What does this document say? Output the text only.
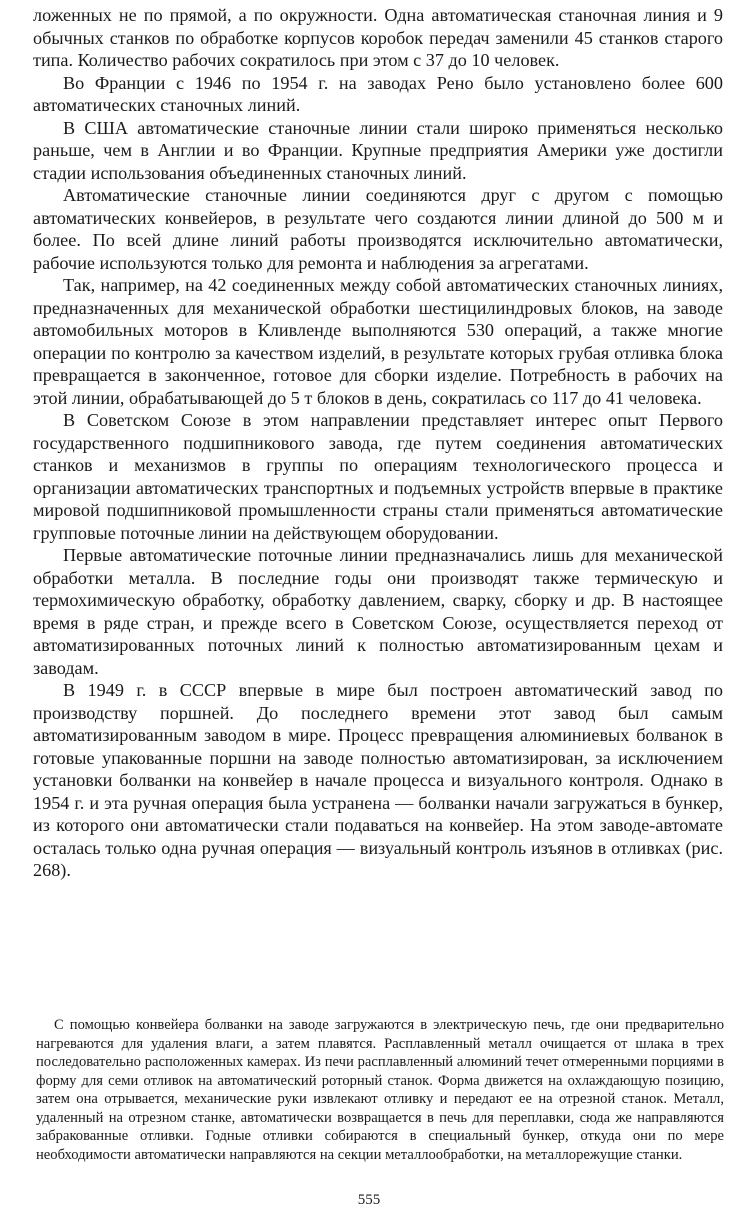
ложенных не по прямой, а по окружности. Одна автоматическая станочная линия и 9 обычных станков по обработке корпусов коробок передач заменили 45 станков старого типа. Количество рабочих сократилось при этом с 37 до 10 человек.

Во Франции с 1946 по 1954 г. на заводах Рено было установлено более 600 автоматических станочных линий.

В США автоматические станочные линии стали широко применяться несколько раньше, чем в Англии и во Франции. Крупные предприятия Америки уже достигли стадии использования объединенных станочных линий.

Автоматические станочные линии соединяются друг с другом с помощью автоматических конвейеров, в результате чего создаются линии длиной до 500 м и более. По всей длине линий работы производятся исключительно автоматически, рабочие используются только для ремонта и наблюдения за агрегатами.

Так, например, на 42 соединенных между собой автоматических станочных линиях, предназначенных для механической обработки шестицилиндровых блоков, на заводе автомобильных моторов в Кливленде выполняются 530 операций, а также многие операции по контролю за качеством изделий, в результате которых грубая отливка блока превращается в законченное, готовое для сборки изделие. Потребность в рабочих на этой линии, обрабатывающей до 5 т блоков в день, сократилась со 117 до 41 человека.

В Советском Союзе в этом направлении представляет интерес опыт Первого государственного подшипникового завода, где путем соединения автоматических станков и механизмов в группы по операциям технологического процесса и организации автоматических транспортных и подъемных устройств впервые в практике мировой подшипниковой промышленности страны стали применяться автоматические групповые поточные линии на действующем оборудовании.

Первые автоматические поточные линии предназначались лишь для механической обработки металла. В последние годы они производят также термическую и термохимическую обработку, обработку давлением, сварку, сборку и др. В настоящее время в ряде стран, и прежде всего в Советском Союзе, осуществляется переход от автоматизированных поточных линий к полностью автоматизированным цехам и заводам.

В 1949 г. в СССР впервые в мире был построен автоматический завод по производству поршней. До последнего времени этот завод был самым автоматизированным заводом в мире. Процесс превращения алюминиевых болванок в готовые упакованные поршни на заводе полностью автоматизирован, за исключением установки болванки на конвейер в начале процесса и визуального контроля. Однако в 1954 г. и эта ручная операция была устранена — болванки начали загружаться в бункер, из которого они автоматически стали подаваться на конвейер. На этом заводе-автомате осталась только одна ручная операция — визуальный контроль изъянов в отливках (рис. 268).

С помощью конвейера болванки на заводе загружаются в электрическую печь, где они предварительно нагреваются для удаления влаги, а затем плавятся. Расплавленный металл очищается от шлака в трех последовательно расположенных камерах. Из печи расплавленный алюминий течет отмеренными порциями в форму для семи отливок на автоматический роторный станок. Форма движется на охлаждающую позицию, затем она отрывается, механические руки извлекают отливку и передают ее на отрезной станок. Металл, удаленный на отрезном станке, автоматически возвращается в печь для переплавки, сюда же направляются забракованные отливки. Годные отливки собираются в специальный бункер, откуда они по мере необходимости автоматически направляются на секции металлообработки, на металлорежущие станки.

555
